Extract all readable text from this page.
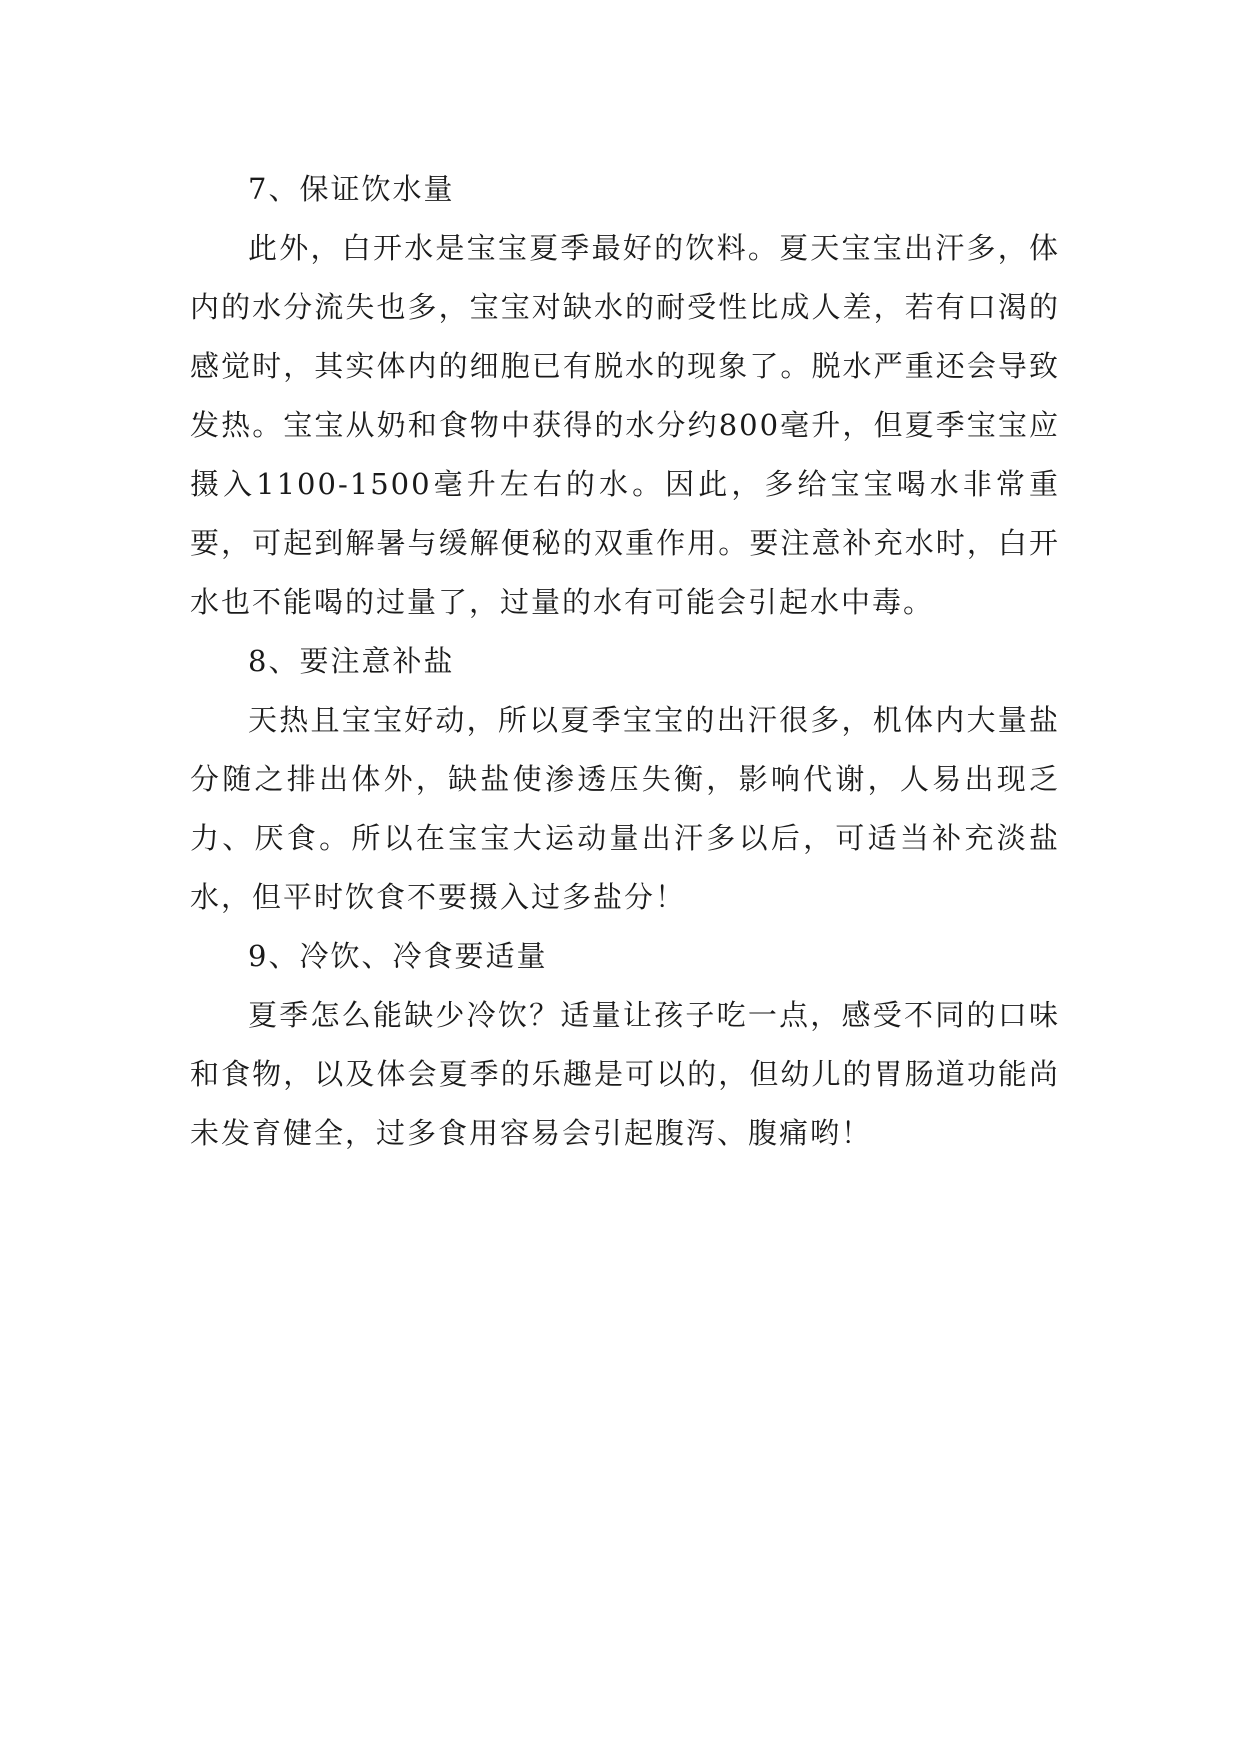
7、保证饮水量

此外，白开水是宝宝夏季最好的饮料。夏天宝宝出汗多，体内的水分流失也多，宝宝对缺水的耐受性比成人差，若有口渴的感觉时，其实体内的细胞已有脱水的现象了。脱水严重还会导致发热。宝宝从奶和食物中获得的水分约800毫升，但夏季宝宝应摄入1100-1500毫升左右的水。因此，多给宝宝喝水非常重要，可起到解暑与缓解便秘的双重作用。要注意补充水时，白开水也不能喝的过量了，过量的水有可能会引起水中毒。

8、要注意补盐

天热且宝宝好动，所以夏季宝宝的出汗很多，机体内大量盐分随之排出体外，缺盐使渗透压失衡，影响代谢，人易出现乏力、厌食。所以在宝宝大运动量出汗多以后，可适当补充淡盐水，但平时饮食不要摄入过多盐分！

9、冷饮、冷食要适量

夏季怎么能缺少冷饮？适量让孩子吃一点，感受不同的口味和食物，以及体会夏季的乐趣是可以的，但幼儿的胃肠道功能尚未发育健全，过多食用容易会引起腹泻、腹痛哟！
